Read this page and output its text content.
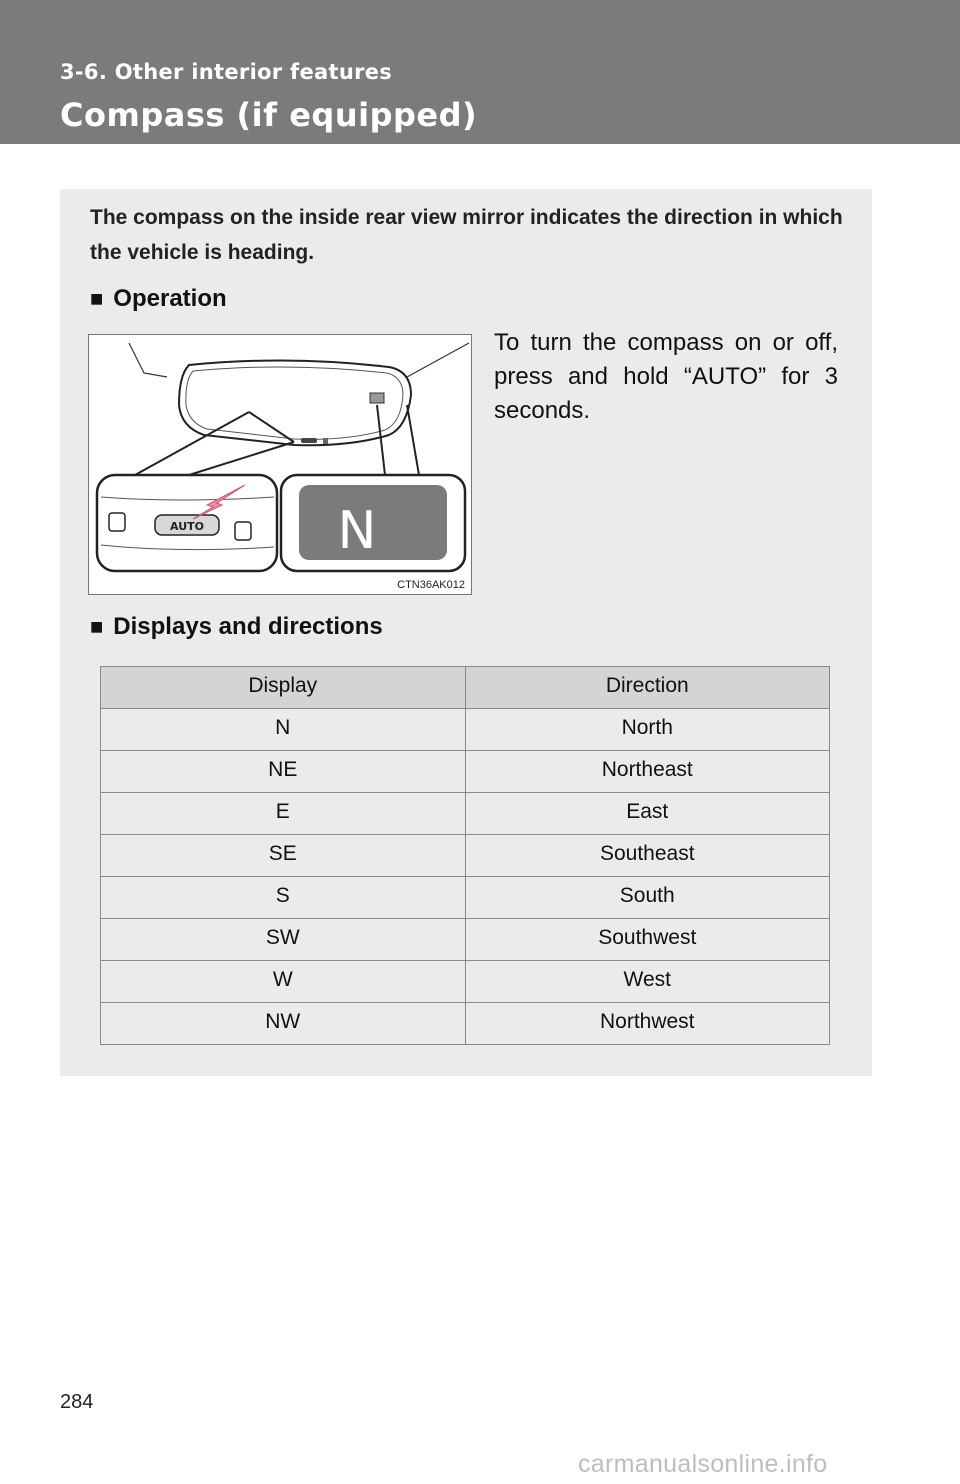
3-6. Other interior features
Compass (if equipped)
The compass on the inside rear view mirror indicates the direction in which the vehicle is heading.
■ Operation
AUTO	N
CTN36AK012
To turn the compass on or off, press and hold “AUTO” for 3 seconds.
■ Displays and directions
Display	Direction
N	North
NE	Northeast
E	East
SE	Southeast
S	South
SW	Southwest
W	West
NW	Northwest
284
carmanualsonline.info
